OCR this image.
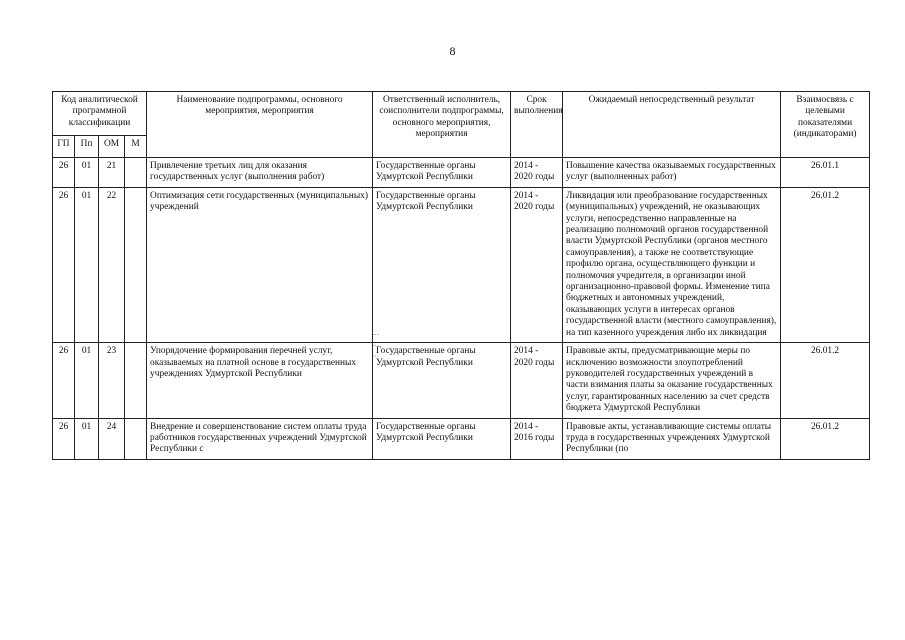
8
Код аналитической программной классификации				Наименование подпрограммы, основного мероприятия, мероприятия	Ответственный исполнитель, соисполнители подпрограммы, основного мероприятия, мероприятия	Срок выполнения	Ожидаемый непосредственный результат	Взаимосвязь с целевыми показателями (индикаторами)
ГП	Пп	ОМ	М					
26	01	21		Привлечение третьих лиц для оказания государственных услуг (выполнения работ)	Государственные органы Удмуртской Республики	2014 - 2020 годы	Повышение качества оказываемых государственных услуг (выполненных работ)	26.01.1
26	01	22		Оптимизация сети государственных (муниципальных) учреждений	Государственные органы Удмуртской Республики	2014 - 2020 годы	Ликвидация или преобразование государственных (муниципальных) учреждений, не оказывающих услуги, непосредственно направленные на реализацию полномочий органов государственной власти Удмуртской Республики (органов местного самоуправления), а также не соответствующие профилю органа, осуществляющего функции и полномочия учредителя, в организации иной организационно-правовой формы. Изменение типа бюджетных и автономных учреждений, оказывающих услуги в интересах органов государственной власти (местного самоуправления), на тип казенного учреждения либо их ликвидация	26.01.2
26	01	23		Упорядочение формирования перечней услуг, оказываемых на платной основе в государственных учреждениях Удмуртской Республики	Государственные органы Удмуртской Республики	2014 - 2020 годы	Правовые акты, предусматривающие меры по исключению возможности злоупотреблений руководителей государственных учреждений в части взимания платы за оказание государственных услуг, гарантированных населению за счет средств бюджета Удмуртской Республики	26.01.2
26	01	24		Внедрение и совершенствование систем оплаты труда работников государственных учреждений Удмуртской Республики с	Государственные органы Удмуртской Республики	2014 - 2016 годы	Правовые акты, устанавливающие системы оплаты труда в государственных учреждениях Удмуртской Республики (по	26.01.2
⋮ ⋮ ⋮
